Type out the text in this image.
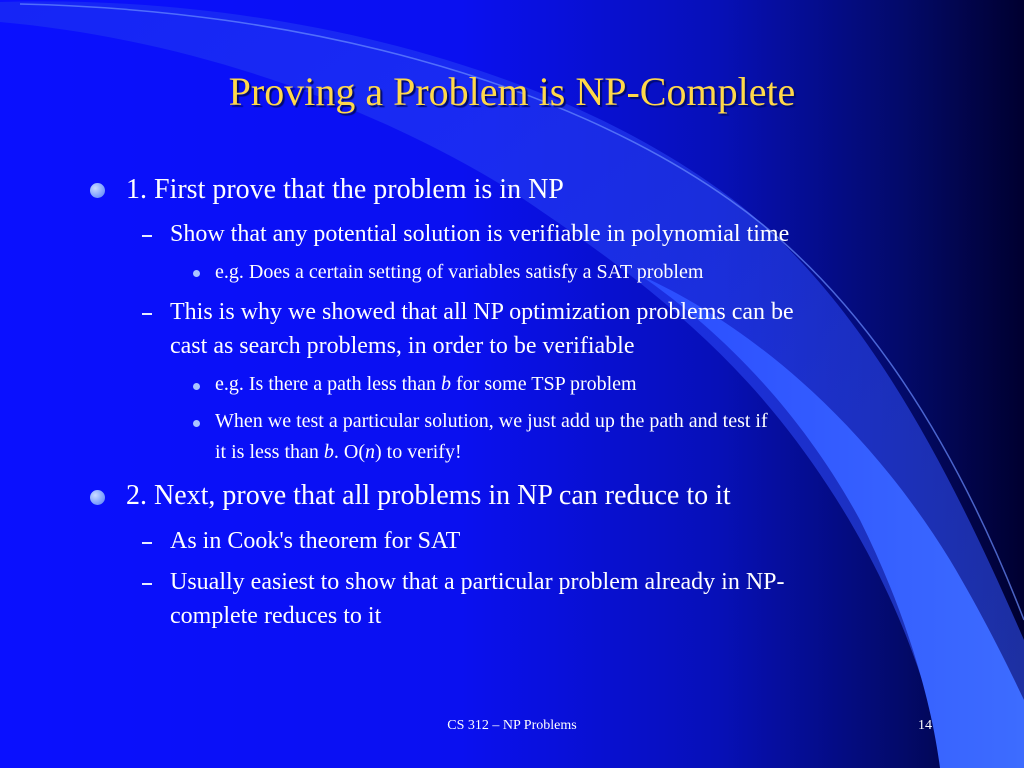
Proving a Problem is NP-Complete
1. First prove that the problem is in NP
Show that any potential solution is verifiable in polynomial time
e.g. Does a certain setting of variables satisfy a SAT problem
This is why we showed that all NP optimization problems can be
cast as search problems, in order to be verifiable
e.g. Is there a path less than b for some TSP problem
When we test a particular solution, we just add up the path and test if
it is less than b. O(n) to verify!
2. Next, prove that all problems in NP can reduce to it
As in Cook's theorem for SAT
Usually easiest to show that a particular problem already in NP-
complete reduces to it
CS 312 – NP Problems	14
